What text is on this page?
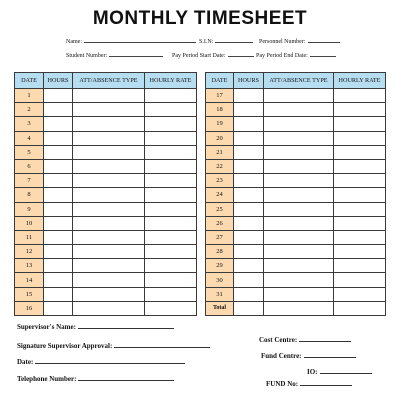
MONTHLY TIMESHEET
Name:	S.I.N:	Personnel Number:
Student Number:	Pay Period Start Date:	Pay Period End Date:
DATE	HOURS	ATT/ABSENCE TYPE	HOURLY RATE
1			
2			
3			
4			
5			
6			
7			
8			
9			
10			
11			
12			
13			
14			
15			
16			
DATE	HOURS	ATT/ABSENCE TYPE	HOURLY RATE
17			
18			
19			
20			
21			
22			
23			
24			
25			
26			
27			
28			
29			
30			
31			
Total			
Supervisor's Name:
Signature Supervisor Approval:
Date:
Telephone Number:
Cost Centre:
Fund Centre:
IO:
FUND No:
